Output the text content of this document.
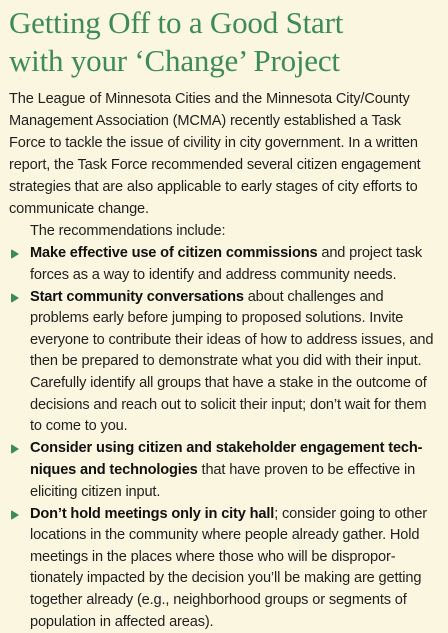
Getting Off to a Good Start
with your ‘Change’ Project

The League of Minnesota Cities and the Minnesota City/County Management Association (MCMA) recently established a Task Force to tackle the issue of civility in city government. In a written report, the Task Force recommended several citizen engagement strategies that are also applicable to early stages of city efforts to communicate change.

The recommendations include:

Make effective use of citizen commissions and project task forces as a way to identify and address community needs.
Start community conversations about challenges and problems early before jumping to proposed solutions. Invite everyone to contribute their ideas of how to address issues, and then be prepared to demonstrate what you did with their input. Carefully identify all groups that have a stake in the outcome of decisions and reach out to solicit their input; don’t wait for them to come to you.
Consider using citizen and stakeholder engagement techniques and technologies that have proven to be effective in eliciting citizen input.
Don’t hold meetings only in city hall; consider going to other locations in the community where people already gather. Hold meetings in the places where those who will be disproportionately impacted by the decision you’ll be making are getting together already (e.g., neighborhood groups or segments of population in affected areas).
